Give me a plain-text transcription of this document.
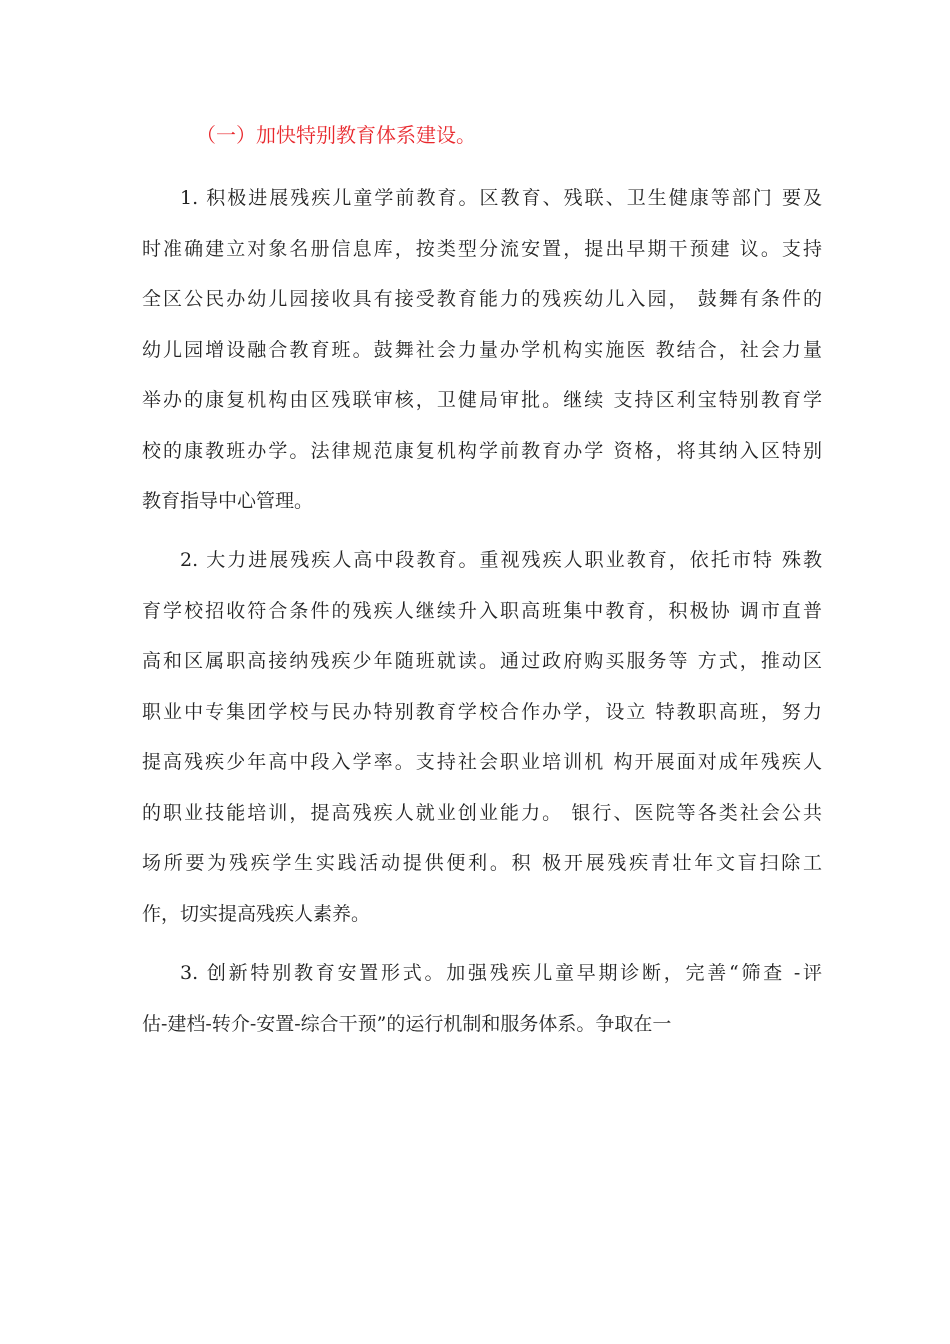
（一）加快特别教育体系建设。
1. 积极进展残疾儿童学前教育。区教育、残联、卫生健康等部门 要及
时准确建立对象名册信息库，按类型分流安置，提出早期干预建 议。支持
全区公民办幼儿园接收具有接受教育能力的残疾幼儿入园， 鼓舞有条件的
幼儿园增设融合教育班。鼓舞社会力量办学机构实施医 教结合，社会力量
举办的康复机构由区残联审核，卫健局审批。继续 支持区利宝特别教育学
校的康教班办学。法律规范康复机构学前教育办学 资格，将其纳入区特别
教育指导中心管理。
2. 大力进展残疾人高中段教育。重视残疾人职业教育，依托市特 殊教
育学校招收符合条件的残疾人继续升入职高班集中教育，积极协 调市直普
高和区属职高接纳残疾少年随班就读。通过政府购买服务等 方式，推动区
职业中专集团学校与民办特别教育学校合作办学，设立 特教职高班，努力
提高残疾少年高中段入学率。支持社会职业培训机 构开展面对成年残疾人
的职业技能培训，提高残疾人就业创业能力。 银行、医院等各类社会公共
场所要为残疾学生实践活动提供便利。积 极开展残疾青壮年文盲扫除工
作，切实提高残疾人素养。
3. 创新特别教育安置形式。加强残疾儿童早期诊断，完善“筛查 -评
估-建档-转介-安置-综合干预”的运行机制和服务体系。争取在一
